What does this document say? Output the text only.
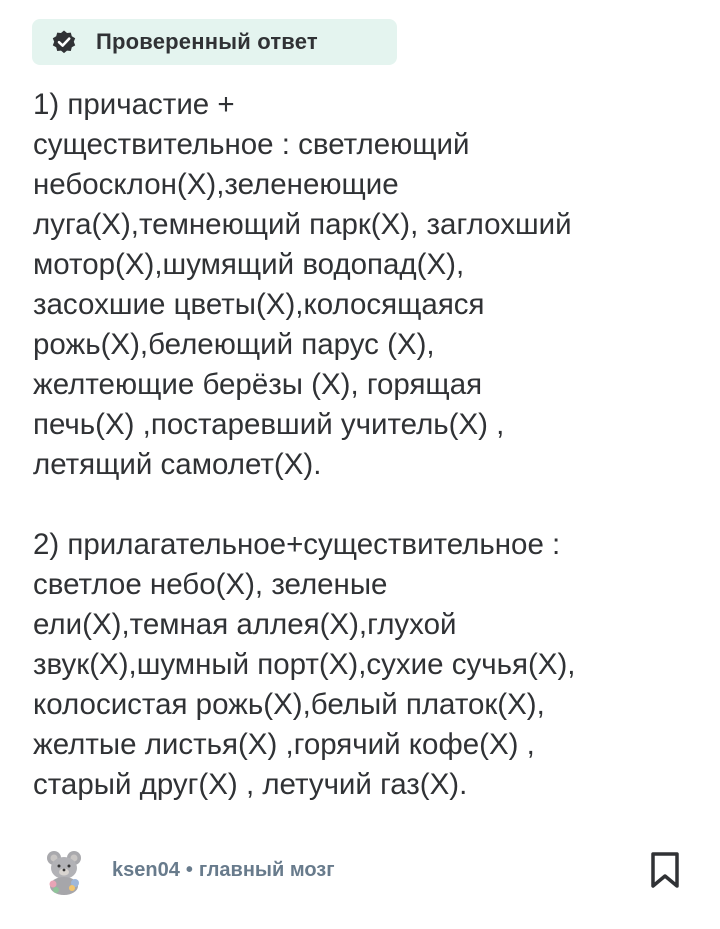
Проверенный ответ
1) причастие +
существительное : светлеющий
небосклон(Х),зеленеющие
луга(Х),темнеющий парк(Х), заглохший
мотор(Х),шумящий водопад(Х),
засохшие цветы(Х),колосящаяся
рожь(Х),белеющий парус (Х),
желтеющие берёзы (Х), горящая
печь(Х) ,постаревший учитель(Х) ,
летящий самолет(Х).
2) прилагательное+существительное :
светлое небо(Х), зеленые
ели(Х),темная аллея(Х),глухой
звук(Х),шумный порт(Х),сухие сучья(Х),
колосистая рожь(Х),белый платок(Х),
желтые листья(Х) ,горячий кофе(Х) ,
старый друг(Х) , летучий газ(Х).
ksen04 • главный мозг
